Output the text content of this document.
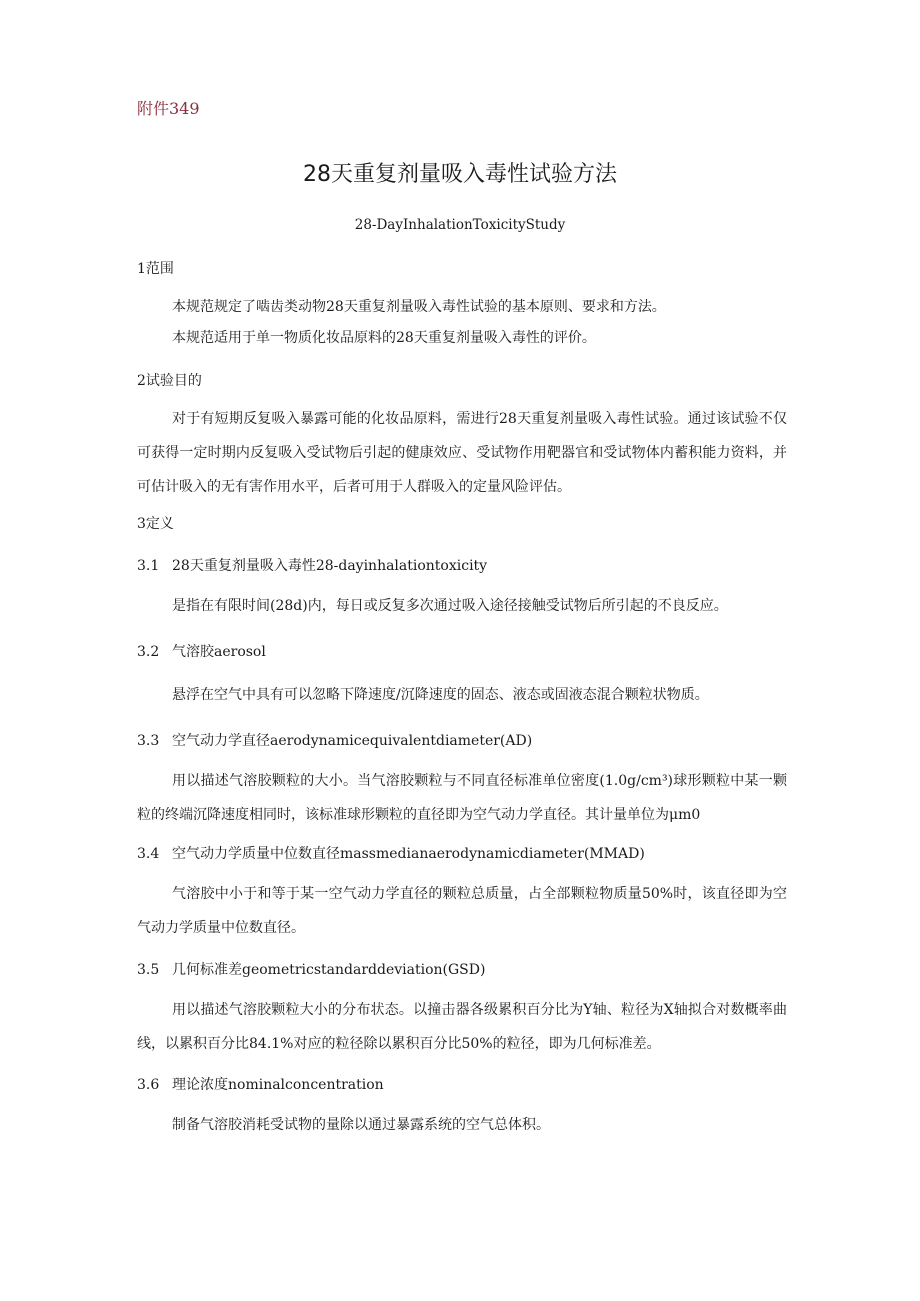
附件349
28天重复剂量吸入毒性试验方法
28-DayInhalationToxicityStudy
1范围
本规范规定了啮齿类动物28天重复剂量吸入毒性试验的基本原则、要求和方法。
本规范适用于单一物质化妆品原料的28天重复剂量吸入毒性的评价。
2试验目的
对于有短期反复吸入暴露可能的化妆品原料，需进行28天重复剂量吸入毒性试验。通过该试验不仅可获得一定时期内反复吸入受试物后引起的健康效应、受试物作用靶器官和受试物体内蓄积能力资料，并可估计吸入的无有害作用水平，后者可用于人群吸入的定量风险评估。
3定义
3.1 28天重复剂量吸入毒性28-dayinhalationtoxicity
是指在有限时间(28d)内，每日或反复多次通过吸入途径接触受试物后所引起的不良反应。
3.2 气溶胶aerosol
悬浮在空气中具有可以忽略下降速度/沉降速度的固态、液态或固液态混合颗粒状物质。
3.3 空气动力学直径aerodynamicequivalentdiameter(AD)
用以描述气溶胶颗粒的大小。当气溶胶颗粒与不同直径标准单位密度(1.0g∕cm³)球形颗粒中某一颗粒的终端沉降速度相同时，该标准球形颗粒的直径即为空气动力学直径。其计量单位为μm0
3.4 空气动力学质量中位数直径massmedianaerodynamicdiameter(MMAD)
气溶胶中小于和等于某一空气动力学直径的颗粒总质量，占全部颗粒物质量50%时，该直径即为空气动力学质量中位数直径。
3.5 几何标准差geometricstandarddeviation(GSD)
用以描述气溶胶颗粒大小的分布状态。以撞击器各级累积百分比为Y轴、粒径为X轴拟合对数概率曲线，以累积百分比84.1%对应的粒径除以累积百分比50%的粒径，即为几何标准差。
3.6 理论浓度nominalconcentration
制备气溶胶消耗受试物的量除以通过暴露系统的空气总体积。
